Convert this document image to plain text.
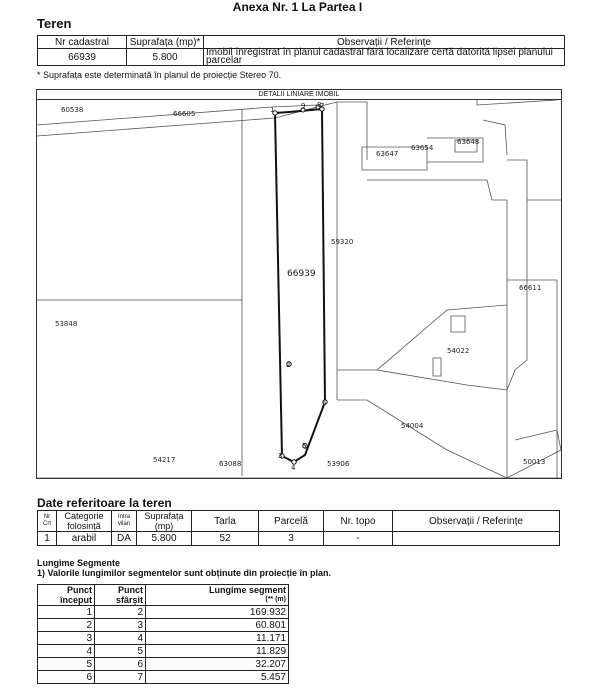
Anexa Nr. 1 La Partea I
Teren
Nr cadastral	Suprafața (mp)*	Observații / Referințe
66939	5.800	Imobil înregistrat în planul cadastral fără localizare certă datorită lipsei planului parcelar
* Suprafața este determinată în planul de proiecție Stereo 70.
DETALII LINIARE IMOBIL
60538	66605
63647
63654
63648
59320
66939
66611
53848
54022
54004
54217	63088	53906	50013
1
2
3
4
5
6
7
8
9
Date referitoare la teren
Nr Crt	Categorie folosință	Intra vilan	Suprafața (mp)	Tarla	Parcelă	Nr. topo	Observații / Referințe
1	arabil	DA	5.800	52	3	-	
Lungime Segmente
1) Valorile lungimilor segmentelor sunt obținute din proiecție în plan.
Punct început	Punct sfârșit	Lungime segment
(** (m)

1	2	169.932
2	3	60.801
3	4	11.171
4	5	11.829
5	6	32.207
6	7	5.457
